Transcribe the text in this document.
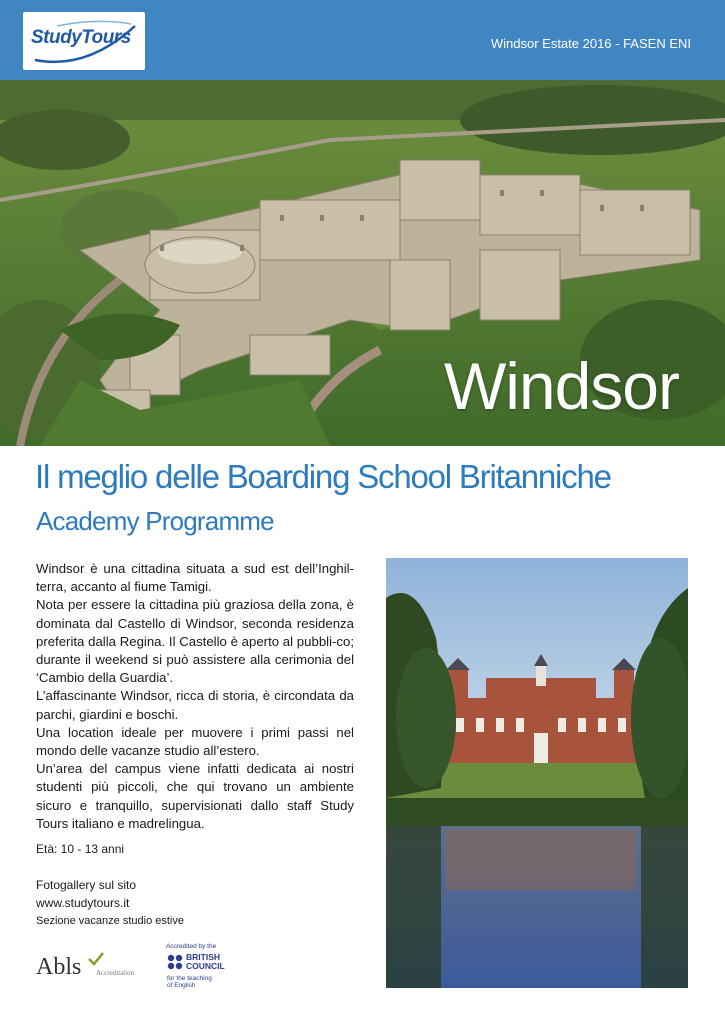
StudyTours	Windsor Estate 2016 - FASEN ENI
Windsor
Il meglio delle Boarding School Britanniche
Academy Programme

Windsor è una cittadina situata a sud est dell’Inghil-terra, accanto al fiume Tamigi.

Nota per essere la cittadina più graziosa della zona, è dominata dal Castello di Windsor, seconda residenza preferita dalla Regina. Il Castello è aperto al pubbli-co; durante il weekend si può assistere alla cerimonia del ‘Cambio della Guardia’.

L’affascinante Windsor, ricca di storia, è circondata da parchi, giardini e boschi.

Una location ideale per muovere i primi passi nel mondo delle vacanze studio all’estero.

Un’area del campus viene infatti dedicata ai nostri studenti più piccoli, che qui trovano un ambiente sicuro e tranquillo, supervisionati dallo staff Study Tours italiano e madrelingua.

Età: 10 - 13 anni
Fotogallery sul sito
www.studytours.it
Sezione vacanze studio estive
Abls Accreditation
Accredited by the
BRITISH
COUNCIL
for the teaching
of English
